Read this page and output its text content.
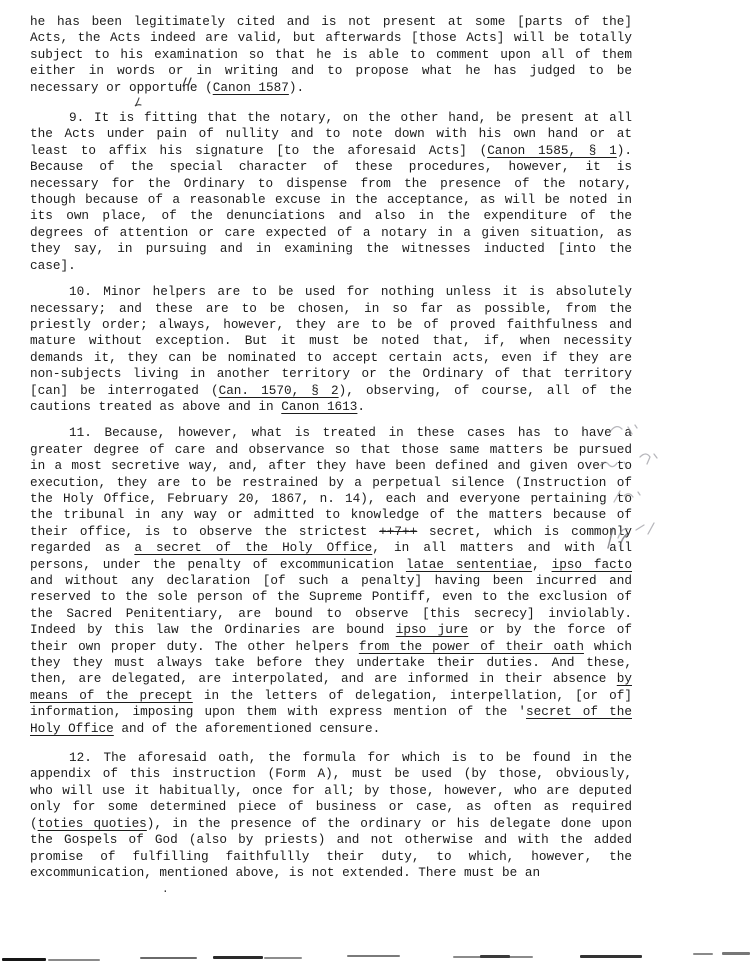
he has been legitimately cited and is not present at some [parts of the]
Acts, the Acts indeed are valid, but afterwards [those Acts] will be totally
subject to his examination so that he is able to comment upon all of them
either in words or in writing and to propose what he has judged to be
necessary or opportune (Canon 1587).
9. It is fitting that the notary, on the other hand, be present at all
the Acts under pain of nullity and to note down with his own hand or at
least to affix his signature [to the aforesaid Acts] (Canon 1585, § 1).
Because of the special character of these procedures, however, it is
necessary for the Ordinary to dispense from the presence of the notary,
though because of a reasonable excuse in the acceptance, as will be noted in
its own place, of the denunciations and also in the expenditure of the
degrees of attention or care expected of a notary in a given situation, as
they say, in pursuing and in examining the witnesses inducted [into the
case].
10. Minor helpers are to be used for nothing unless it is absolutely
necessary; and these are to be chosen, in so far as possible, from the
priestly order; always, however, they are to be of proved faithfulness and
mature without exception. But it must be noted that, if, when necessity
demands it, they can be nominated to accept certain acts, even if they are
non-subjects living in another territory or the Ordinary of that territory
[can] be interrogated (Can. 1570, § 2), observing, of course, all of the
cautions treated as above and in Canon 1613.
11. Because, however, what is treated in these cases has to have a
greater degree of care and observance so that those same matters be pursued
in a most secretive way, and, after they have been defined and given over to
execution, they are to be restrained by a perpetual silence (Instruction of
the Holy Office, February 20, 1867, n. 14), each and everyone pertaining to
the tribunal in any way or admitted to knowledge of the matters because of
their office, is to observe the strictest ++7++ secret, which is commonly
regarded as a secret of the Holy Office, in all matters and with all
persons, under the penalty of excommunication latae sententiae, ipso facto
and without any declaration [of such a penalty] having been incurred and
reserved to the sole person of the Supreme Pontiff, even to the exclusion of
the Sacred Penitentiary, are bound to observe [this secrecy] inviolably.
Indeed by this law the Ordinaries are bound ipso jure or by the force of
their own proper duty. The other helpers from the power of their oath which
they they must always take before they undertake their duties. And these,
then, are delegated, are interpolated, and are informed in their absence by
means of the precept in the letters of delegation, interpellation, [or of]
information, imposing upon them with express mention of the 'secret of the
Holy Office and of the aforementioned censure.
12. The aforesaid oath, the formula for which is to be found in the
appendix of this instruction (Form A), must be used (by those, obviously,
who will use it habitually, once for all; by those, however, who are deputed
only for some determined piece of business or case, as often as required
(toties quoties), in the presence of the ordinary or his delegate done upon
the Gospels of God (also by priests) and not otherwise and with the added
promise of fulfilling faithfullly their duty, to which, however, the
excommunication, mentioned above, is not extended. There must be an
.
